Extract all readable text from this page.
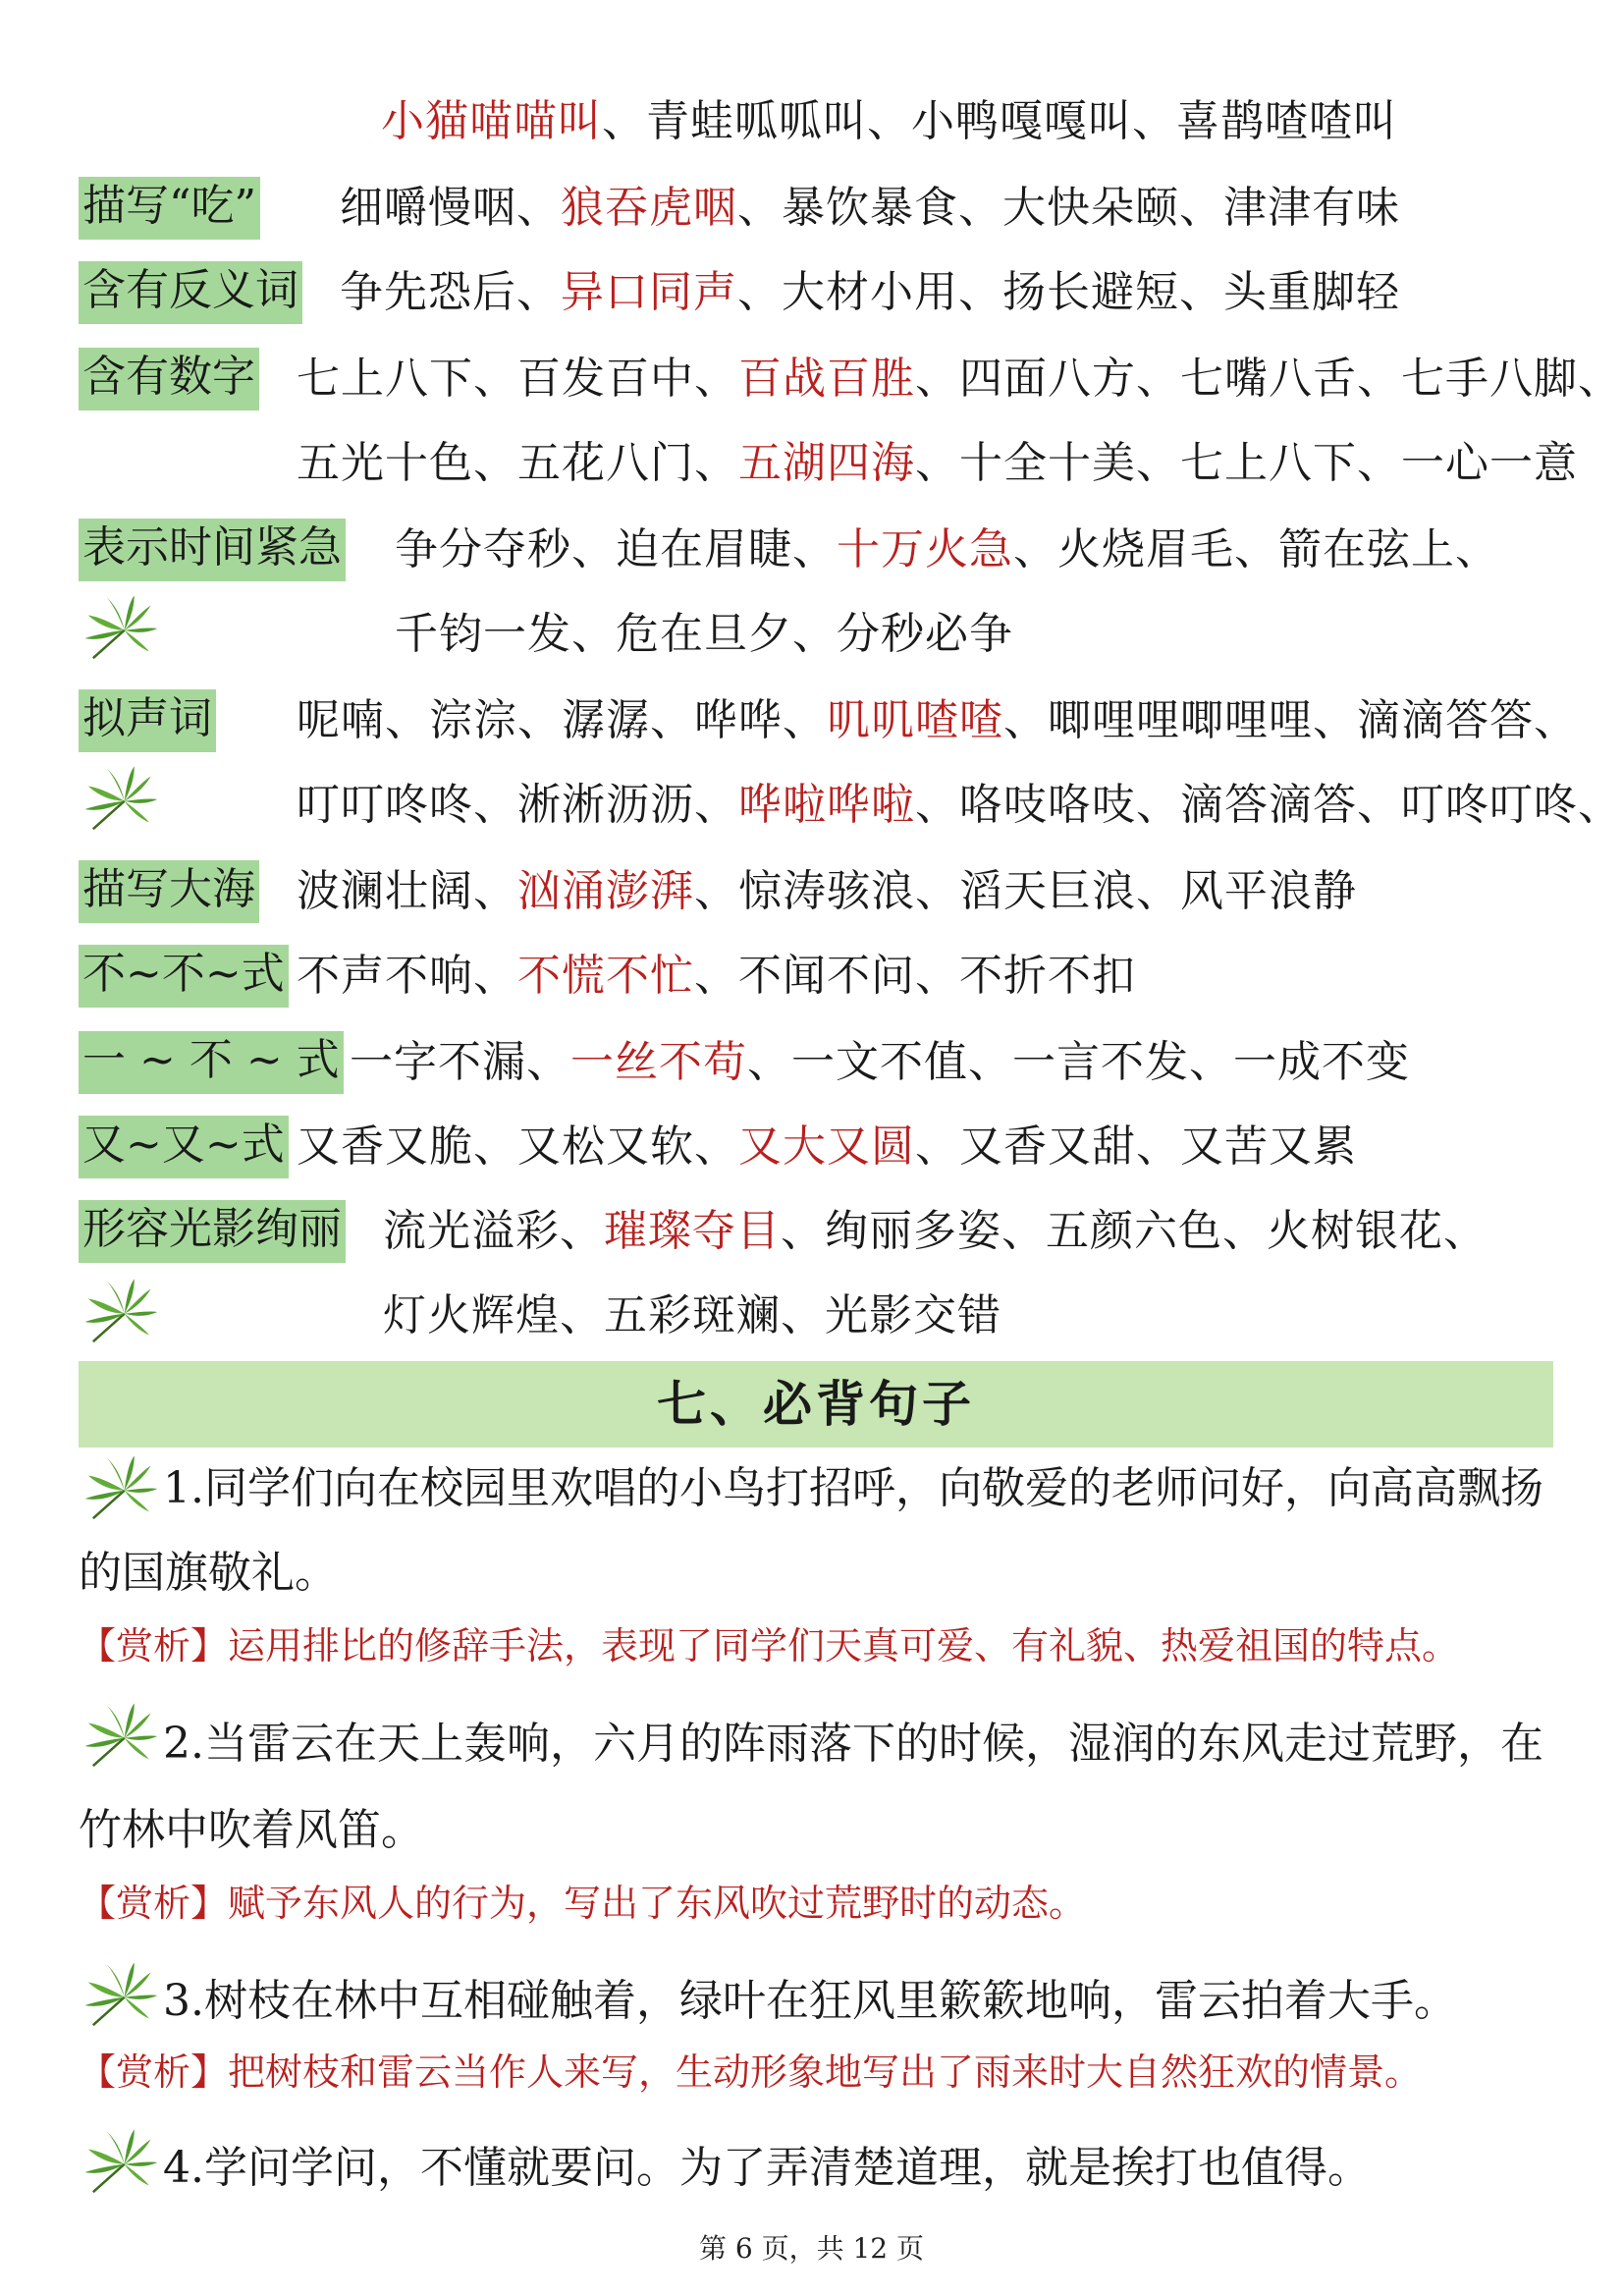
小猫喵喵叫、青蛙呱呱叫、小鸭嘎嘎叫、喜鹊喳喳叫
描写“吃” 细嚼慢咽、狼吞虎咽、暴饮暴食、大快朵颐、津津有味
含有反义词 争先恐后、异口同声、大材小用、扬长避短、头重脚轻
含有数字 七上八下、百发百中、百战百胜、四面八方、七嘴八舌、七手八脚、
五光十色、五花八门、五湖四海、十全十美、七上八下、一心一意
表示时间紧急 争分夺秒、迫在眉睫、十万火急、火烧眉毛、箭在弦上、
千钧一发、危在旦夕、分秒必争
拟声词 呢喃、淙淙、潺潺、哗哗、叽叽喳喳、唧哩哩唧哩哩、滴滴答答、
叮叮咚咚、淅淅沥沥、哗啦哗啦、咯吱咯吱、滴答滴答、叮咚叮咚、
描写大海 波澜壮阔、汹涌澎湃、惊涛骇浪、滔天巨浪、风平浪静
不~不~式 不声不响、不慌不忙、不闻不问、不折不扣
一 ~ 不 ~ 式 一字不漏、一丝不苟、一文不值、一言不发、一成不变
又~又~式 又香又脆、又松又软、又大又圆、又香又甜、又苦又累
形容光影绚丽 流光溢彩、璀璨夺目、绚丽多姿、五颜六色、火树银花、
灯火辉煌、五彩斑斓、光影交错
七、必背句子
1.同学们向在校园里欢唱的小鸟打招呼，向敬爱的老师问好，向高高飘扬
的国旗敬礼。
【赏析】运用排比的修辞手法，表现了同学们天真可爱、有礼貌、热爱祖国的特点。
2.当雷云在天上轰响，六月的阵雨落下的时候，湿润的东风走过荒野，在
竹林中吹着风笛。
【赏析】赋予东风人的行为，写出了东风吹过荒野时的动态。
3.树枝在林中互相碰触着，绿叶在狂风里簌簌地响，雷云拍着大手。
【赏析】把树枝和雷云当作人来写，生动形象地写出了雨来时大自然狂欢的情景。
4.学问学问，不懂就要问。为了弄清楚道理，就是挨打也值得。
第 6 页，共 12 页
